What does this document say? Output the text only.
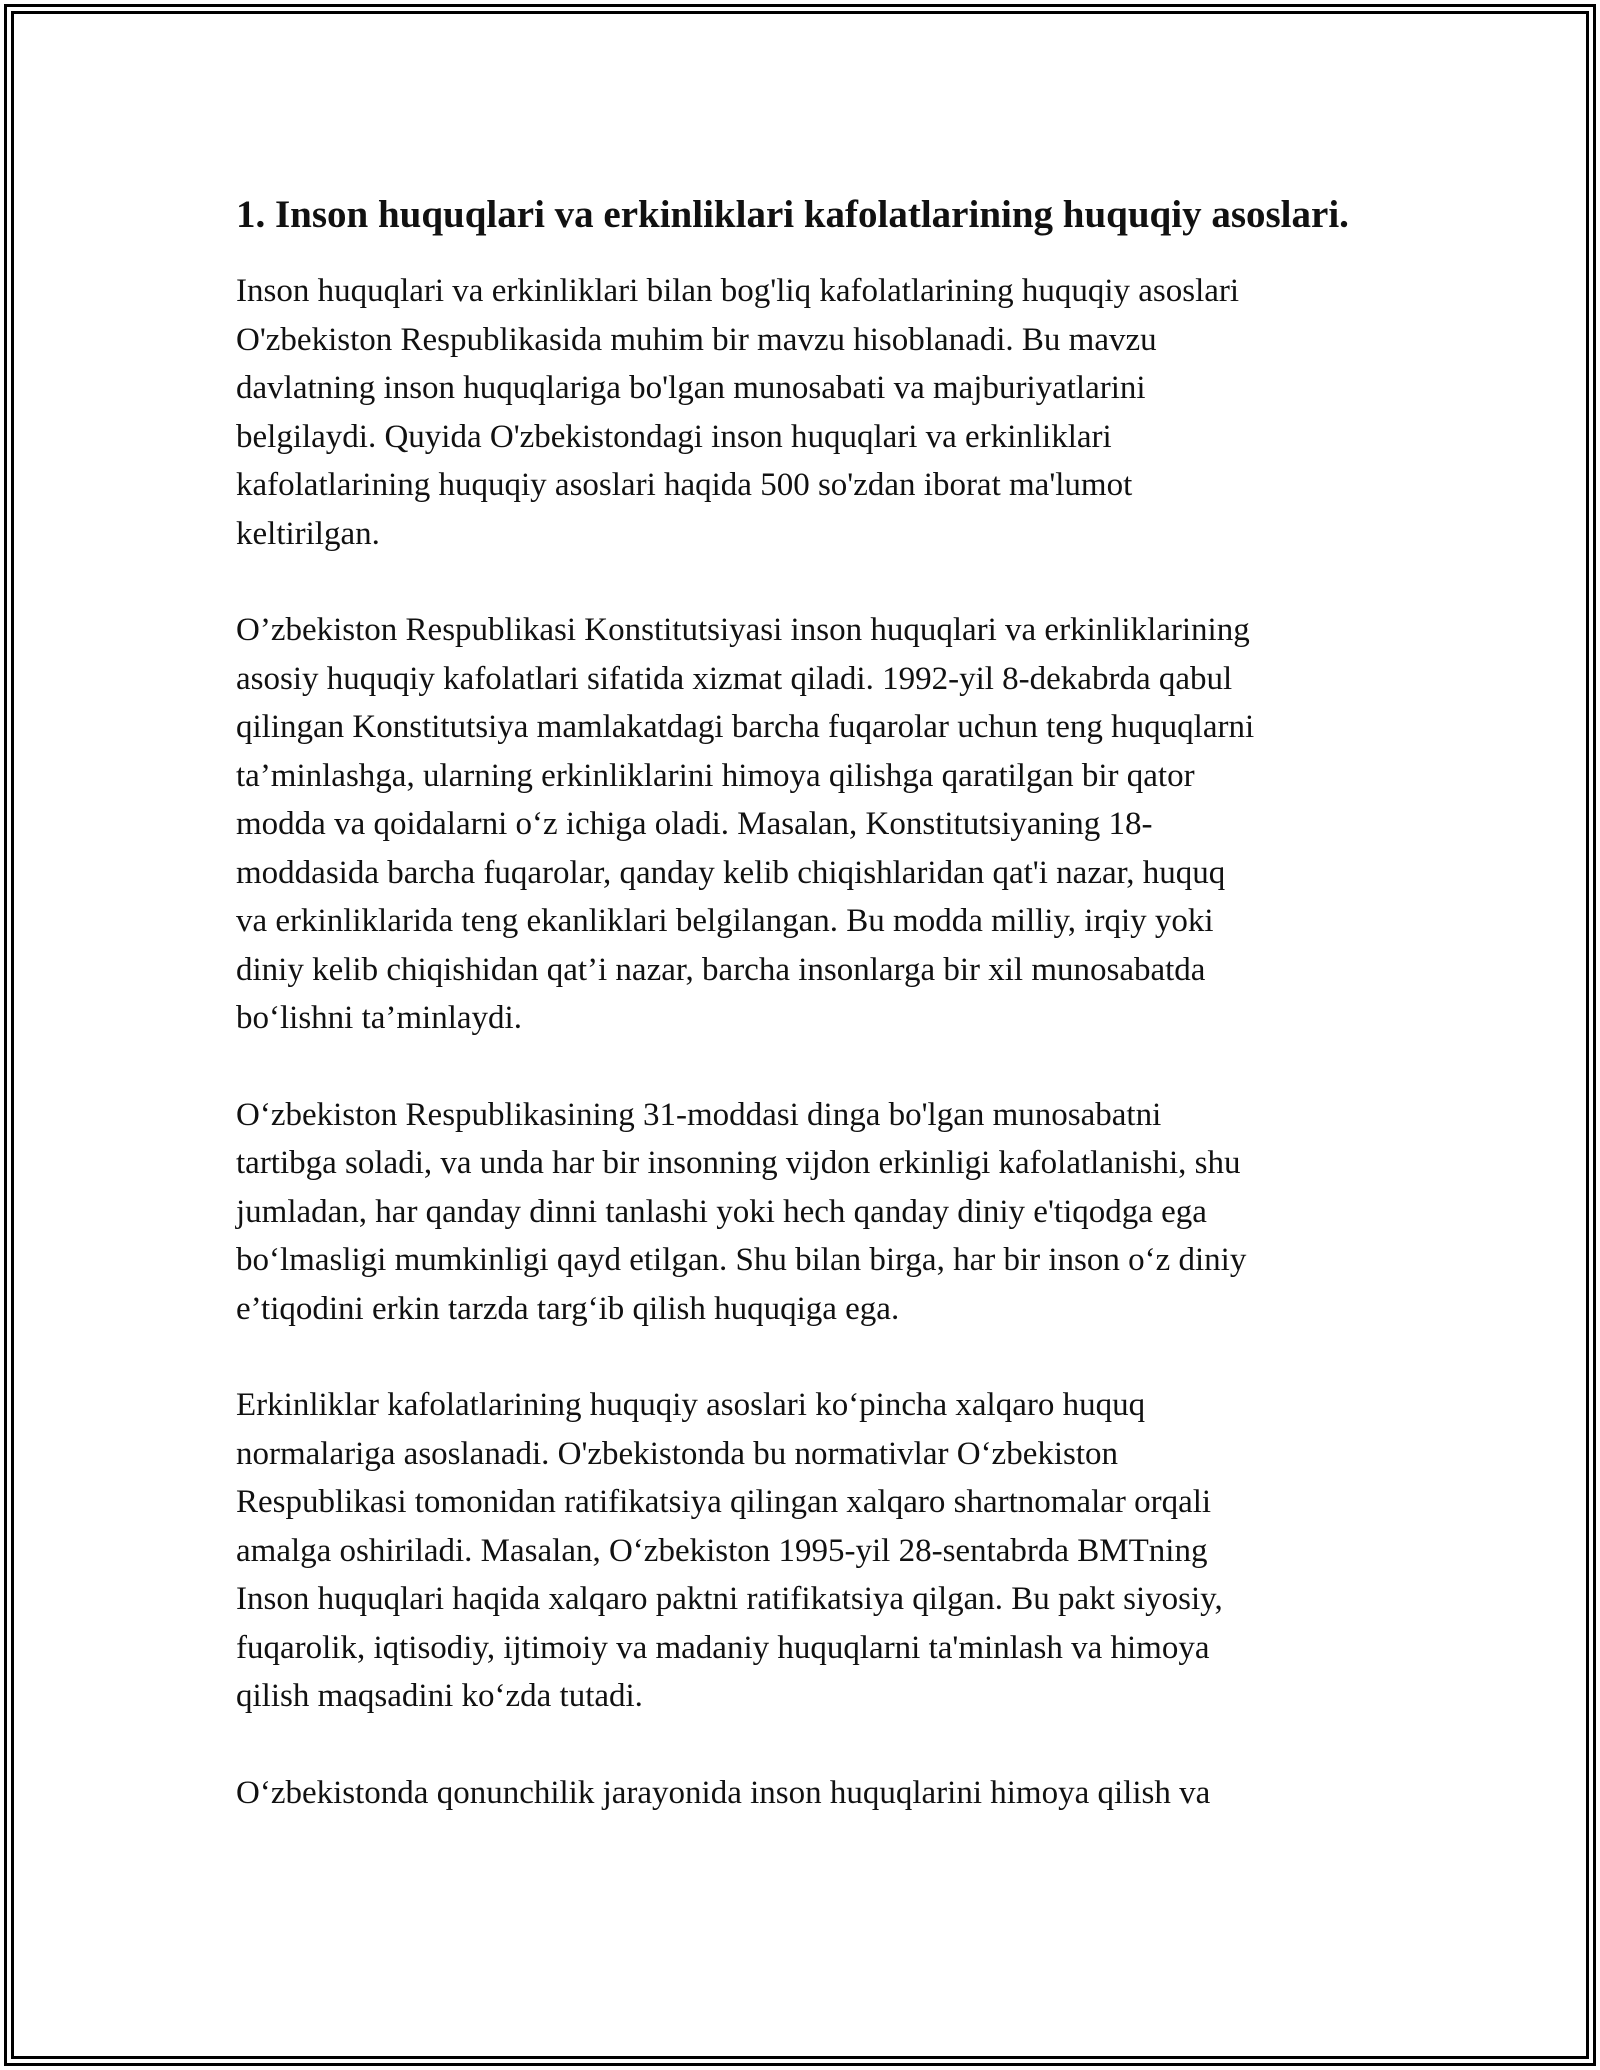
1. Inson huquqlari va erkinliklari kafolatlarining huquqiy asoslari.

Inson huquqlari va erkinliklari bilan bog'liq kafolatlarining huquqiy asoslari
O'zbekiston Respublikasida muhim bir mavzu hisoblanadi. Bu mavzu
davlatning inson huquqlariga bo'lgan munosabati va majburiyatlarini
belgilaydi. Quyida O'zbekistondagi inson huquqlari va erkinliklari
kafolatlarining huquqiy asoslari haqida 500 so'zdan iborat ma'lumot
keltirilgan.

O’zbekiston Respublikasi Konstitutsiyasi inson huquqlari va erkinliklarining
asosiy huquqiy kafolatlari sifatida xizmat qiladi. 1992-yil 8-dekabrda qabul
qilingan Konstitutsiya mamlakatdagi barcha fuqarolar uchun teng huquqlarni
ta’minlashga, ularning erkinliklarini himoya qilishga qaratilgan bir qator
modda va qoidalarni o‘z ichiga oladi. Masalan, Konstitutsiyaning 18-
moddasida barcha fuqarolar, qanday kelib chiqishlaridan qat'i nazar, huquq
va erkinliklarida teng ekanliklari belgilangan. Bu modda milliy, irqiy yoki
diniy kelib chiqishidan qat’i nazar, barcha insonlarga bir xil munosabatda
bo‘lishni ta’minlaydi.

O‘zbekiston Respublikasining 31-moddasi dinga bo'lgan munosabatni
tartibga soladi, va unda har bir insonning vijdon erkinligi kafolatlanishi, shu
jumladan, har qanday dinni tanlashi yoki hech qanday diniy e'tiqodga ega
bo‘lmasligi mumkinligi qayd etilgan. Shu bilan birga, har bir inson o‘z diniy
e’tiqodini erkin tarzda targ‘ib qilish huquqiga ega.

Erkinliklar kafolatlarining huquqiy asoslari ko‘pincha xalqaro huquq
normalariga asoslanadi. O'zbekistonda bu normativlar O‘zbekiston
Respublikasi tomonidan ratifikatsiya qilingan xalqaro shartnomalar orqali
amalga oshiriladi. Masalan, O‘zbekiston 1995-yil 28-sentabrda BMTning
Inson huquqlari haqida xalqaro paktni ratifikatsiya qilgan. Bu pakt siyosiy,
fuqarolik, iqtisodiy, ijtimoiy va madaniy huquqlarni ta'minlash va himoya
qilish maqsadini ko‘zda tutadi.

O‘zbekistonda qonunchilik jarayonida inson huquqlarini himoya qilish va
